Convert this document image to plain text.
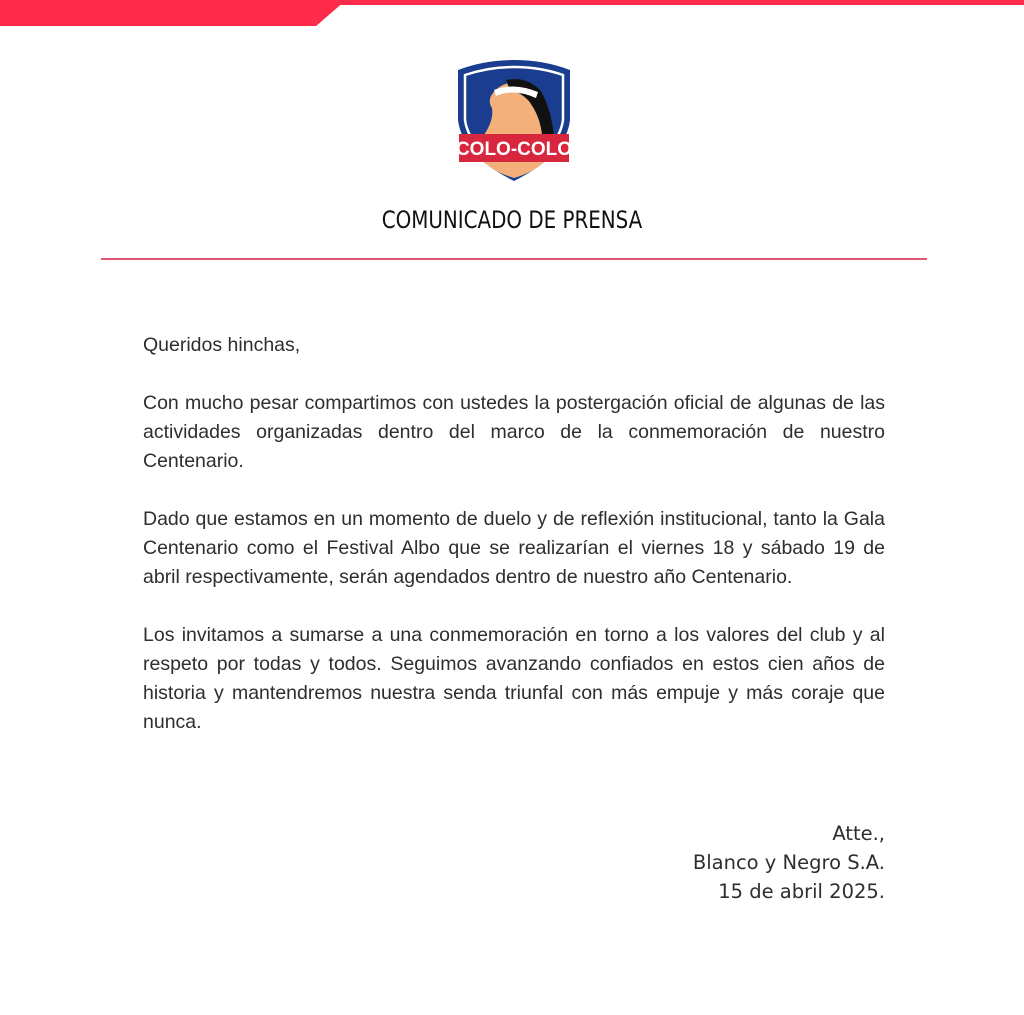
COLO-COLO
COMUNICADO DE PRENSA

Queridos hinchas,

Con mucho pesar compartimos con ustedes la postergación oficial de algunas de las actividades organizadas dentro del marco de la conmemoración de nuestro Centenario.

Dado que estamos en un momento de duelo y de reflexión institucional, tanto la Gala Centenario como el Festival Albo que se realizarían el viernes 18 y sábado 19 de abril respectivamente, serán agendados dentro de nuestro año Centenario.

Los invitamos a sumarse a una conmemoración en torno a los valores del club y al respeto por todas y todos. Seguimos avanzando confiados en estos cien años de historia y mantendremos nuestra senda triunfal con más empuje y más coraje que nunca.

Atte.,
Blanco y Negro S.A.
15 de abril 2025.
